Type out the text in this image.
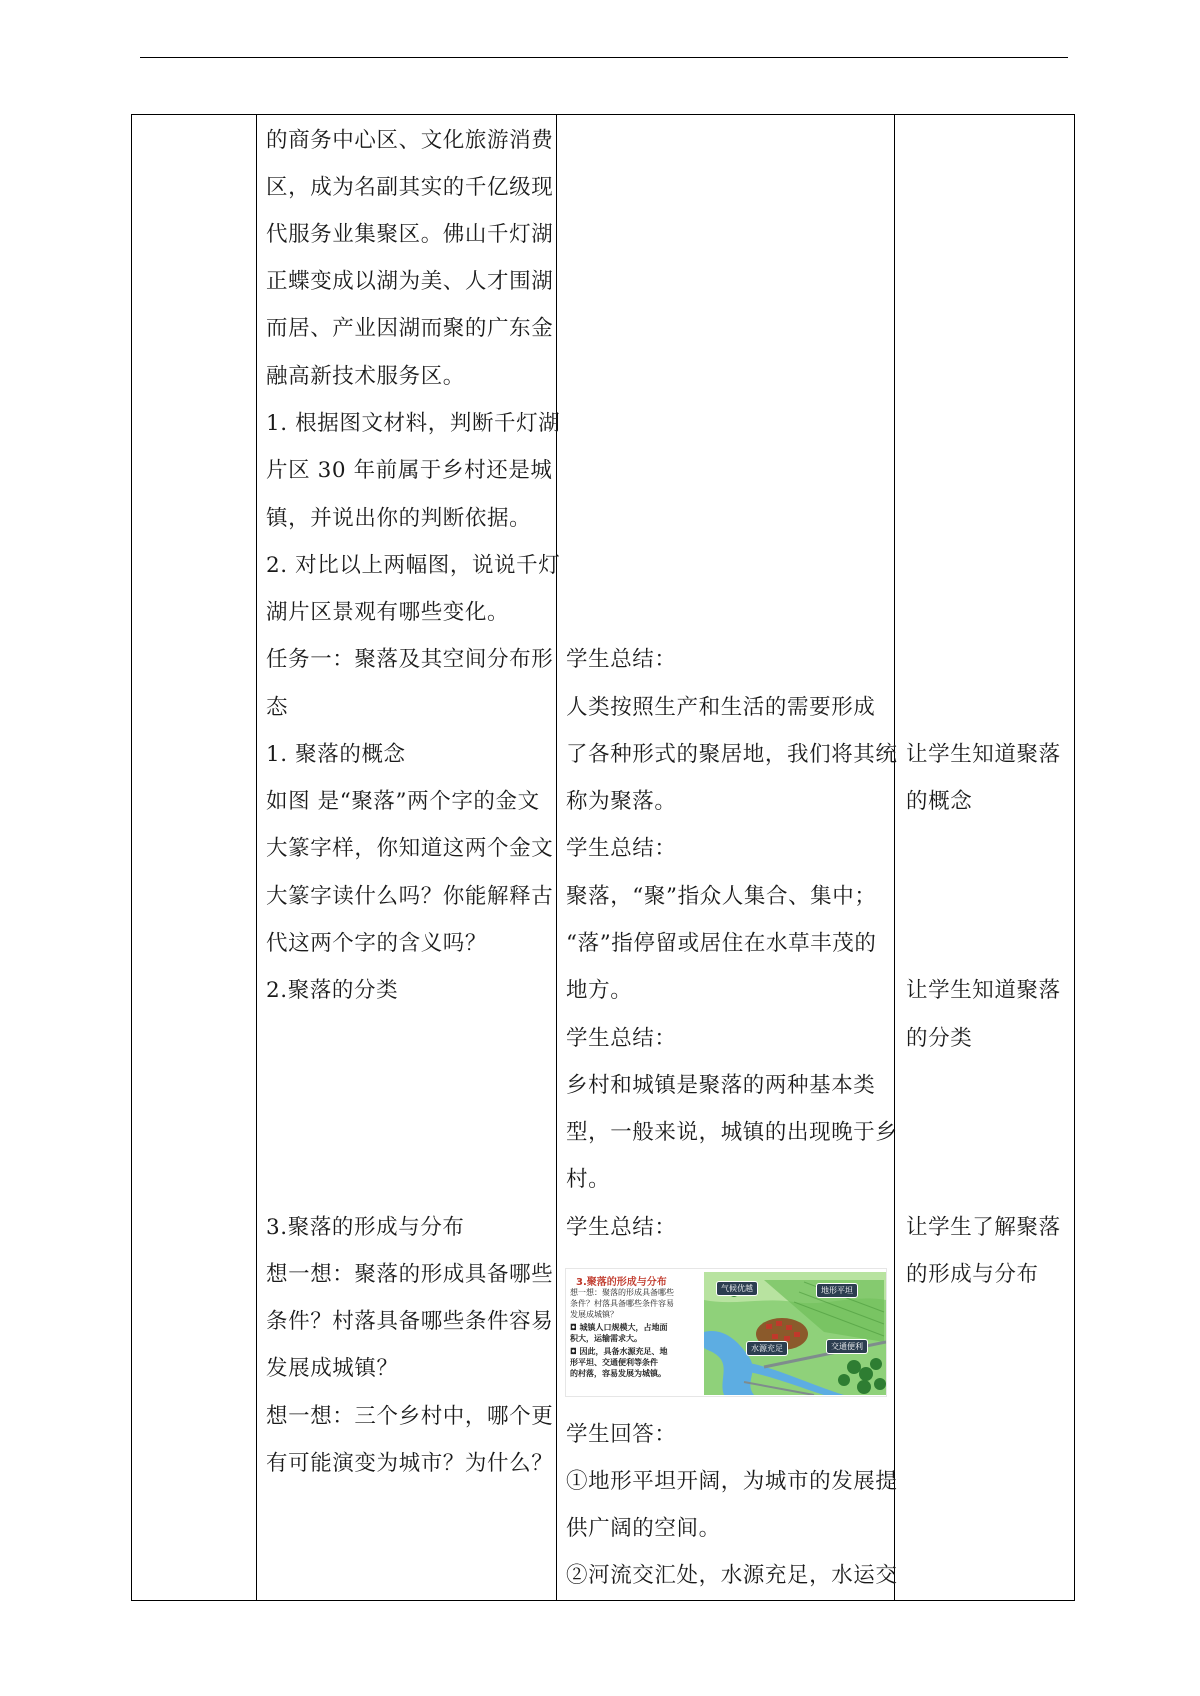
的商务中心区、文化旅游消费
区，成为名副其实的千亿级现
代服务业集聚区。佛山千灯湖
正蝶变成以湖为美、人才围湖
而居、产业因湖而聚的广东金
融高新技术服务区。
1. 根据图文材料，判断千灯湖
片区 30 年前属于乡村还是城
镇，并说出你的判断依据。
2. 对比以上两幅图，说说千灯
湖片区景观有哪些变化。
任务一：聚落及其空间分布形
态
1. 聚落的概念
如图 是“聚落”两个字的金文
大篆字样，你知道这两个金文
大篆字读什么吗？你能解释古
代这两个字的含义吗？
2.聚落的分类
3.聚落的形成与分布
想一想：聚落的形成具备哪些
条件？村落具备哪些条件容易
发展成城镇？
想一想：三个乡村中，哪个更
有可能演变为城市？为什么？
学生总结：
人类按照生产和生活的需要形成
了各种形式的聚居地，我们将其统
称为聚落。
学生总结：
聚落，“聚”指众人集合、集中；
“落”指停留或居住在水草丰茂的
地方。
学生总结：
乡村和城镇是聚落的两种基本类
型，一般来说，城镇的出现晚于乡
村。
学生总结：
学生回答：
①地形平坦开阔，为城市的发展提
供广阔的空间。
②河流交汇处，水源充足，水运交
让学生知道聚落
的概念
让学生知道聚落
的分类
让学生了解聚落
的形成与分布
3.聚落的形成与分布
想一想：聚落的形成具备哪些
条件？村落具备哪些条件容易
发展成城镇？
◘ 城镇人口规模大，占地面
积大，运输需求大。
◘ 因此，具备水源充足、地
形平坦、交通便利等条件
的村落，容易发展为城镇。
气候优越	地形平坦
水源充足	交通便利
